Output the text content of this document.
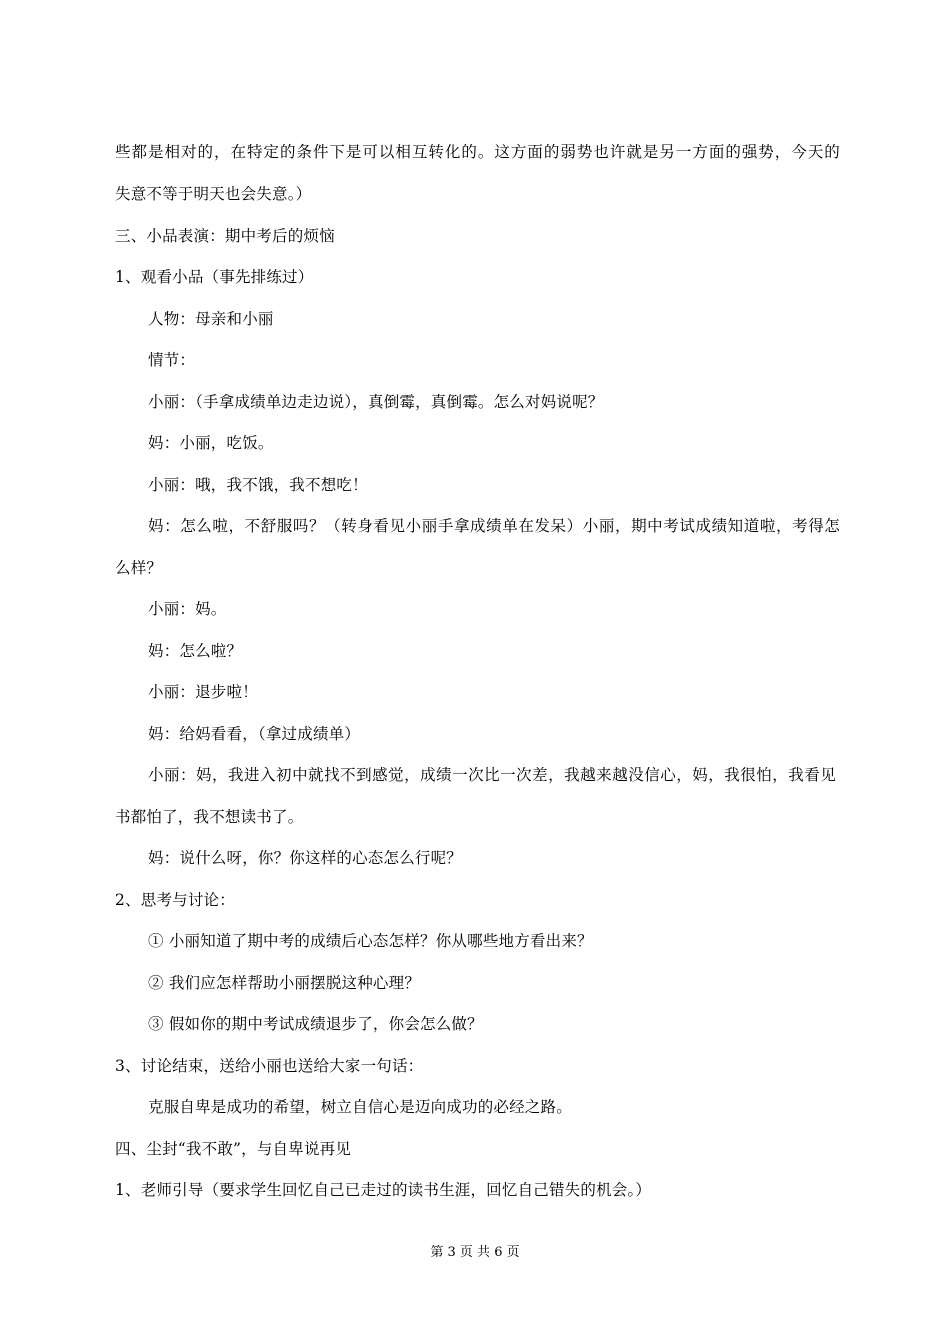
些都是相对的，在特定的条件下是可以相互转化的。这方面的弱势也许就是另一方面的强势，今天的
失意不等于明天也会失意。）
三、小品表演：期中考后的烦恼
1、观看小品（事先排练过）
人物：母亲和小丽
情节：
小丽：（手拿成绩单边走边说），真倒霉，真倒霉。怎么对妈说呢？
妈：小丽，吃饭。
小丽：哦，我不饿，我不想吃！
妈：怎么啦，不舒服吗？（转身看见小丽手拿成绩单在发呆）小丽，期中考试成绩知道啦，考得怎
么样？
小丽：妈。
妈：怎么啦？
小丽：退步啦！
妈：给妈看看，（拿过成绩单）
小丽：妈，我进入初中就找不到感觉，成绩一次比一次差，我越来越没信心，妈，我很怕，我看见
书都怕了，我不想读书了。
妈：说什么呀，你？你这样的心态怎么行呢？
2、思考与讨论：
① 小丽知道了期中考的成绩后心态怎样？你从哪些地方看出来？
② 我们应怎样帮助小丽摆脱这种心理？
③ 假如你的期中考试成绩退步了，你会怎么做？
3、讨论结束，送给小丽也送给大家一句话：
克服自卑是成功的希望，树立自信心是迈向成功的必经之路。
四、尘封“我不敢”，与自卑说再见
1、老师引导（要求学生回忆自己已走过的读书生涯，回忆自己错失的机会。）
第 3 页 共 6 页
